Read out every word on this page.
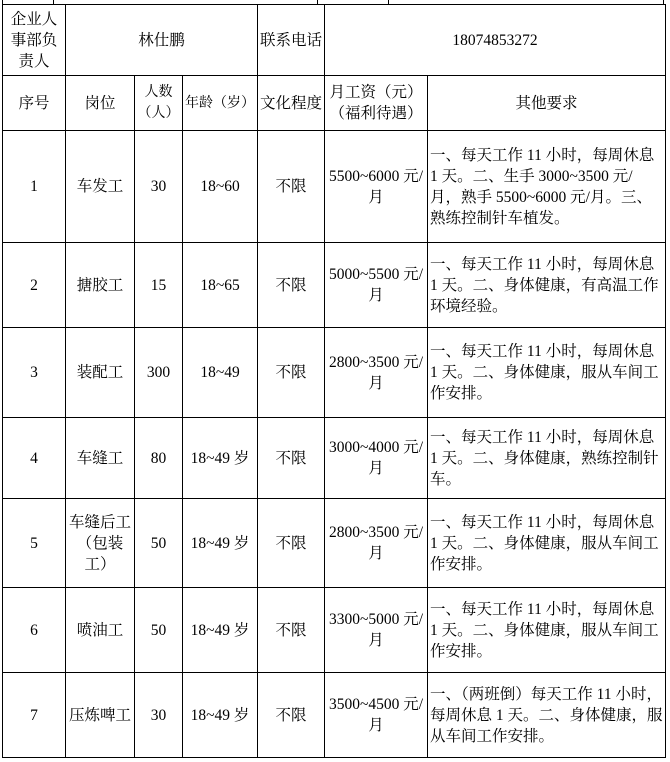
企业人事部负责人	林仕鹏			联系电话	18074853272	
序号	岗位	人数（人）	年龄（岁）	文化程度	月工资（元）（福利待遇）	其他要求
1	车发工	30	18~60	不限	5500~6000 元/月	一、每天工作 11 小时，每周休息 1 天。二、生手 3000~3500 元/月，熟手 5500~6000 元/月。三、熟练控制针车植发。
2	搪胶工	15	18~65	不限	5000~5500 元/月	一、每天工作 11 小时，每周休息 1 天。二、身体健康，有高温工作环境经验。
3	装配工	300	18~49	不限	2800~3500 元/月	一、每天工作 11 小时，每周休息 1 天。二、身体健康，服从车间工作安排。
4	车缝工	80	18~49 岁	不限	3000~4000 元/月	一、每天工作 11 小时，每周休息 1 天。二、身体健康，熟练控制针车。
5	车缝后工（包装工）	50	18~49 岁	不限	2800~3500 元/月	一、每天工作 11 小时，每周休息 1 天。二、身体健康，服从车间工作安排。
6	喷油工	50	18~49 岁	不限	3300~5000 元/月	一、每天工作 11 小时，每周休息 1 天。二、身体健康，服从车间工作安排。
7	压炼啤工	30	18~49 岁	不限	3500~4500 元/月	一、（两班倒）每天工作 11 小时，每周休息 1 天。二、身体健康，服从车间工作安排。
